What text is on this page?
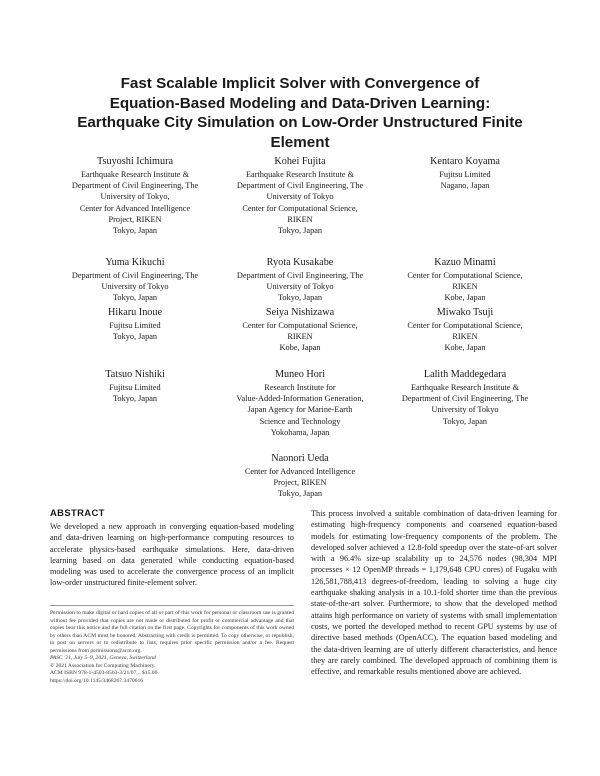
Fast Scalable Implicit Solver with Convergence of
Equation-Based Modeling and Data-Driven Learning:
Earthquake City Simulation on Low-Order Unstructured Finite
Element
Tsuyoshi Ichimura
Earthquake Research Institute &
Department of Civil Engineering, The
University of Tokyo,
Center for Advanced Intelligence
Project, RIKEN
Tokyo, Japan
Kohei Fujita
Earthquake Research Institute &
Department of Civil Engineering, The
University of Tokyo
Center for Computational Science,
RIKEN
Tokyo, Japan
Kentaro Koyama
Fujitsu Limited
Nagano, Japan
Yuma Kikuchi
Department of Civil Engineering, The
University of Tokyo
Tokyo, Japan
Ryota Kusakabe
Department of Civil Engineering, The
University of Tokyo
Tokyo, Japan
Kazuo Minami
Center for Computational Science,
RIKEN
Kobe, Japan
Hikaru Inoue
Fujitsu Limited
Tokyo, Japan
Seiya Nishizawa
Center for Computational Science,
RIKEN
Kobe, Japan
Miwako Tsuji
Center for Computational Science,
RIKEN
Kobe, Japan
Tatsuo Nishiki
Fujitsu Limited
Tokyo, Japan
Muneo Hori
Research Institute for
Value-Added-Information Generation,
Japan Agency for Marine-Earth
Science and Technology
Yokohama, Japan
Lalith Maddegedara
Earthquake Research Institute &
Department of Civil Engineering, The
University of Tokyo
Tokyo, Japan
Naonori Ueda
Center for Advanced Intelligence
Project, RIKEN
Tokyo, Japan
ABSTRACT
We developed a new approach in converging equation-based modeling and data-driven learning on high-performance computing resources to accelerate physics-based earthquake simulations. Here, data-driven learning based on data generated while conducting equation-based modeling was used to accelerate the convergence process of an implicit low-order unstructured finite-element solver.
This process involved a suitable combination of data-driven learning for estimating high-frequency components and coarsened equation-based models for estimating low-frequency components of the problem. The developed solver achieved a 12.8-fold speedup over the state-of-art solver with a 96.4% size-up scalability up to 24,576 nodes (98,304 MPI processes × 12 OpenMP threads = 1,179,648 CPU cores) of Fugaku with 126,581,788,413 degrees-of-freedom, leading to solving a huge city earthquake shaking analysis in a 10.1-fold shorter time than the previous state-of-the-art solver. Furthermore, to show that the developed method attains high performance on variety of systems with small implementation costs, we ported the developed method to recent GPU systems by use of directive based methods (OpenACC). The equation based modeling and the data-driven learning are of utterly different characteristics, and hence they are rarely combined. The developed approach of combining them is effective, and remarkable results mentioned above are achieved.
Permission to make digital or hard copies of all or part of this work for personal or classroom use is granted without fee provided that copies are not made or distributed for profit or commercial advantage and that copies bear this notice and the full citation on the first page. Copyrights for components of this work owned by others than ACM must be honored. Abstracting with credit is permitted. To copy otherwise, or republish, to post on servers or to redistribute to lists, requires prior specific permission and/or a fee. Request permissions from permissions@acm.org.
PASC '21, July 5–9, 2021, Geneva, Switzerland
© 2021 Association for Computing Machinery.
ACM ISBN 978-1-4503-8563-3/21/07... $15.00
https://doi.org/10.1145/3468267.3470616
